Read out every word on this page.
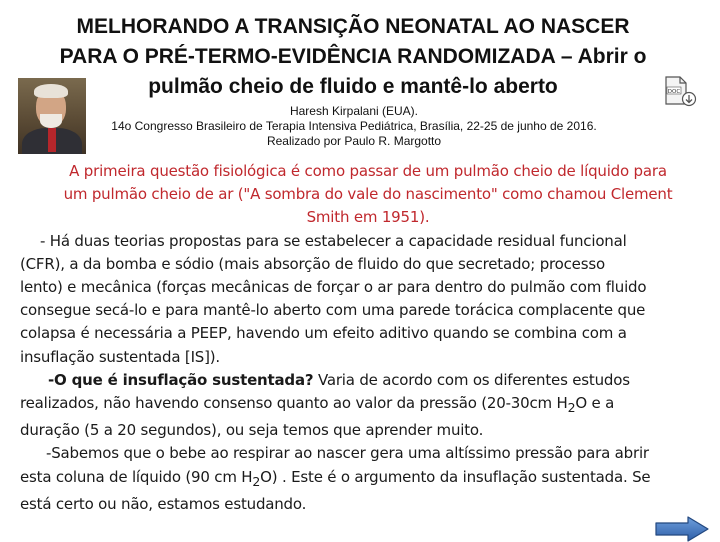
MELHORANDO A TRANSIÇÃO NEONATAL AO NASCER
PARA O PRÉ-TERMO-EVIDÊNCIA RANDOMIZADA – Abrir o
pulmão cheio de fluido e mantê-lo aberto	DOC
Haresh Kirpalani (EUA).
14o Congresso Brasileiro de Terapia Intensiva Pediátrica, Brasília, 22-25 de junho de 2016.
Realizado por Paulo R. Margotto
A primeira questão fisiológica é como passar de um pulmão cheio de líquido para
um pulmão cheio de ar ("A sombra do vale do nascimento" como chamou Clement
Smith em 1951).
- Há duas teorias propostas para se estabelecer a capacidade residual funcional
(CFR), a da bomba e sódio (mais absorção de fluido do que secretado; processo
lento) e mecânica (forças mecânicas de forçar o ar para dentro do pulmão com fluido
consegue secá-lo e para mantê-lo aberto com uma parede torácica complacente que
colapsa é necessária a PEEP, havendo um efeito aditivo quando se combina com a
insuflação sustentada [IS]).
-O que é insuflação sustentada? Varia de acordo com os diferentes estudos
realizados, não havendo consenso quanto ao valor da pressão (20-30cm $H_2O$ e a
duração (5 a 20 segundos), ou seja temos que aprender muito.
-Sabemos que o bebe ao respirar ao nascer gera uma altíssimo pressão para abrir
esta coluna de líquido (90 cm $H_2O$) . Este é o argumento da insuflação sustentada. Se
está certo ou não, estamos estudando.
